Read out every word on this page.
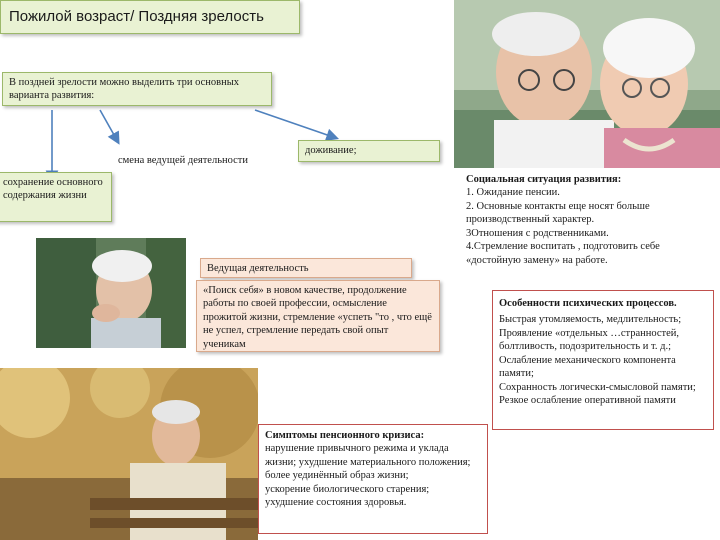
Пожилой возраст/ Поздняя зрелость
В поздней зрелости можно выделить три основных варианта развития:
сохранение основного содержания жизни
смена ведущей деятельности
доживание;
Ведущая деятельность
«Поиск себя» в новом качестве, продолжение работы по своей профессии, осмысление прожитой жизни, стремление «успеть "то , что ещё не успел, стремление передать свой опыт ученикам
Социальная ситуация развития:
1. Ожидание пенсии.
2. Основные контакты еще носят больше производственный характер.
3Отношения с родственниками.
4.Стремление воспитать , подготовить себе «достойную замену» на работе.
Особенности психических процессов.
Быстрая утомляемость, медлительность;
Проявление «отдельных …странностей, болтливость, подозрительность и т. д.;
Ослабление механического компонента памяти;
Сохранность логически-смысловой памяти;
Резкое ослабление оперативной памяти
Симптомы пенсионного кризиса:
нарушение привычного режима и уклада жизни; ухудшение материального положения;
более уединённый образ жизни;
ускорение биологического старения;
ухудшение состояния здоровья.
